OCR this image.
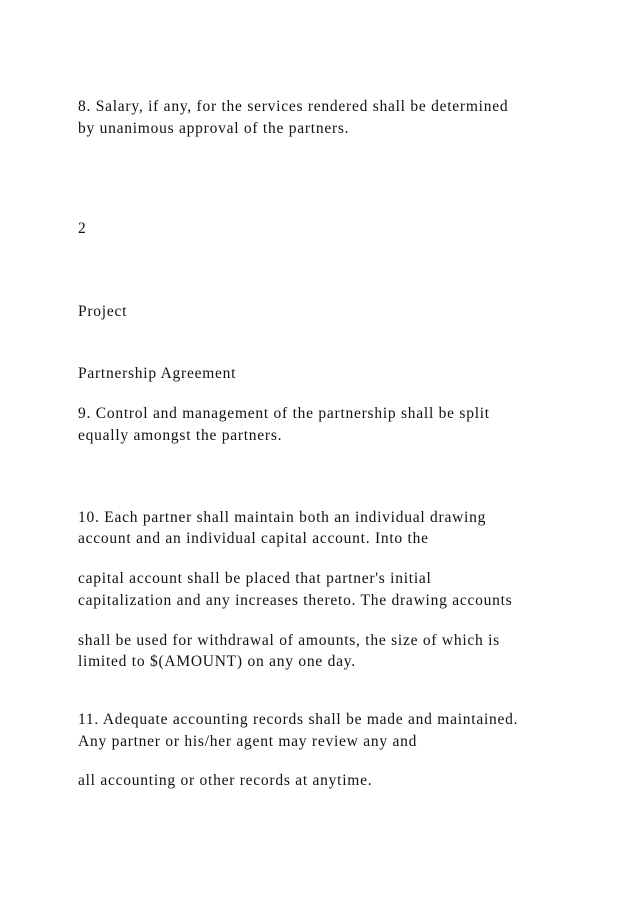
8. Salary, if any, for the services rendered shall be determined
by unanimous approval of the partners.
2
Project
Partnership Agreement
9. Control and management of the partnership shall be split
equally amongst the partners.
10. Each partner shall maintain both an individual drawing
account and an individual capital account. Into the
capital account shall be placed that partner's initial
capitalization and any increases thereto. The drawing accounts
shall be used for withdrawal of amounts, the size of which is
limited to $(AMOUNT) on any one day.
11. Adequate accounting records shall be made and maintained.
Any partner or his/her agent may review any and
all accounting or other records at anytime.
